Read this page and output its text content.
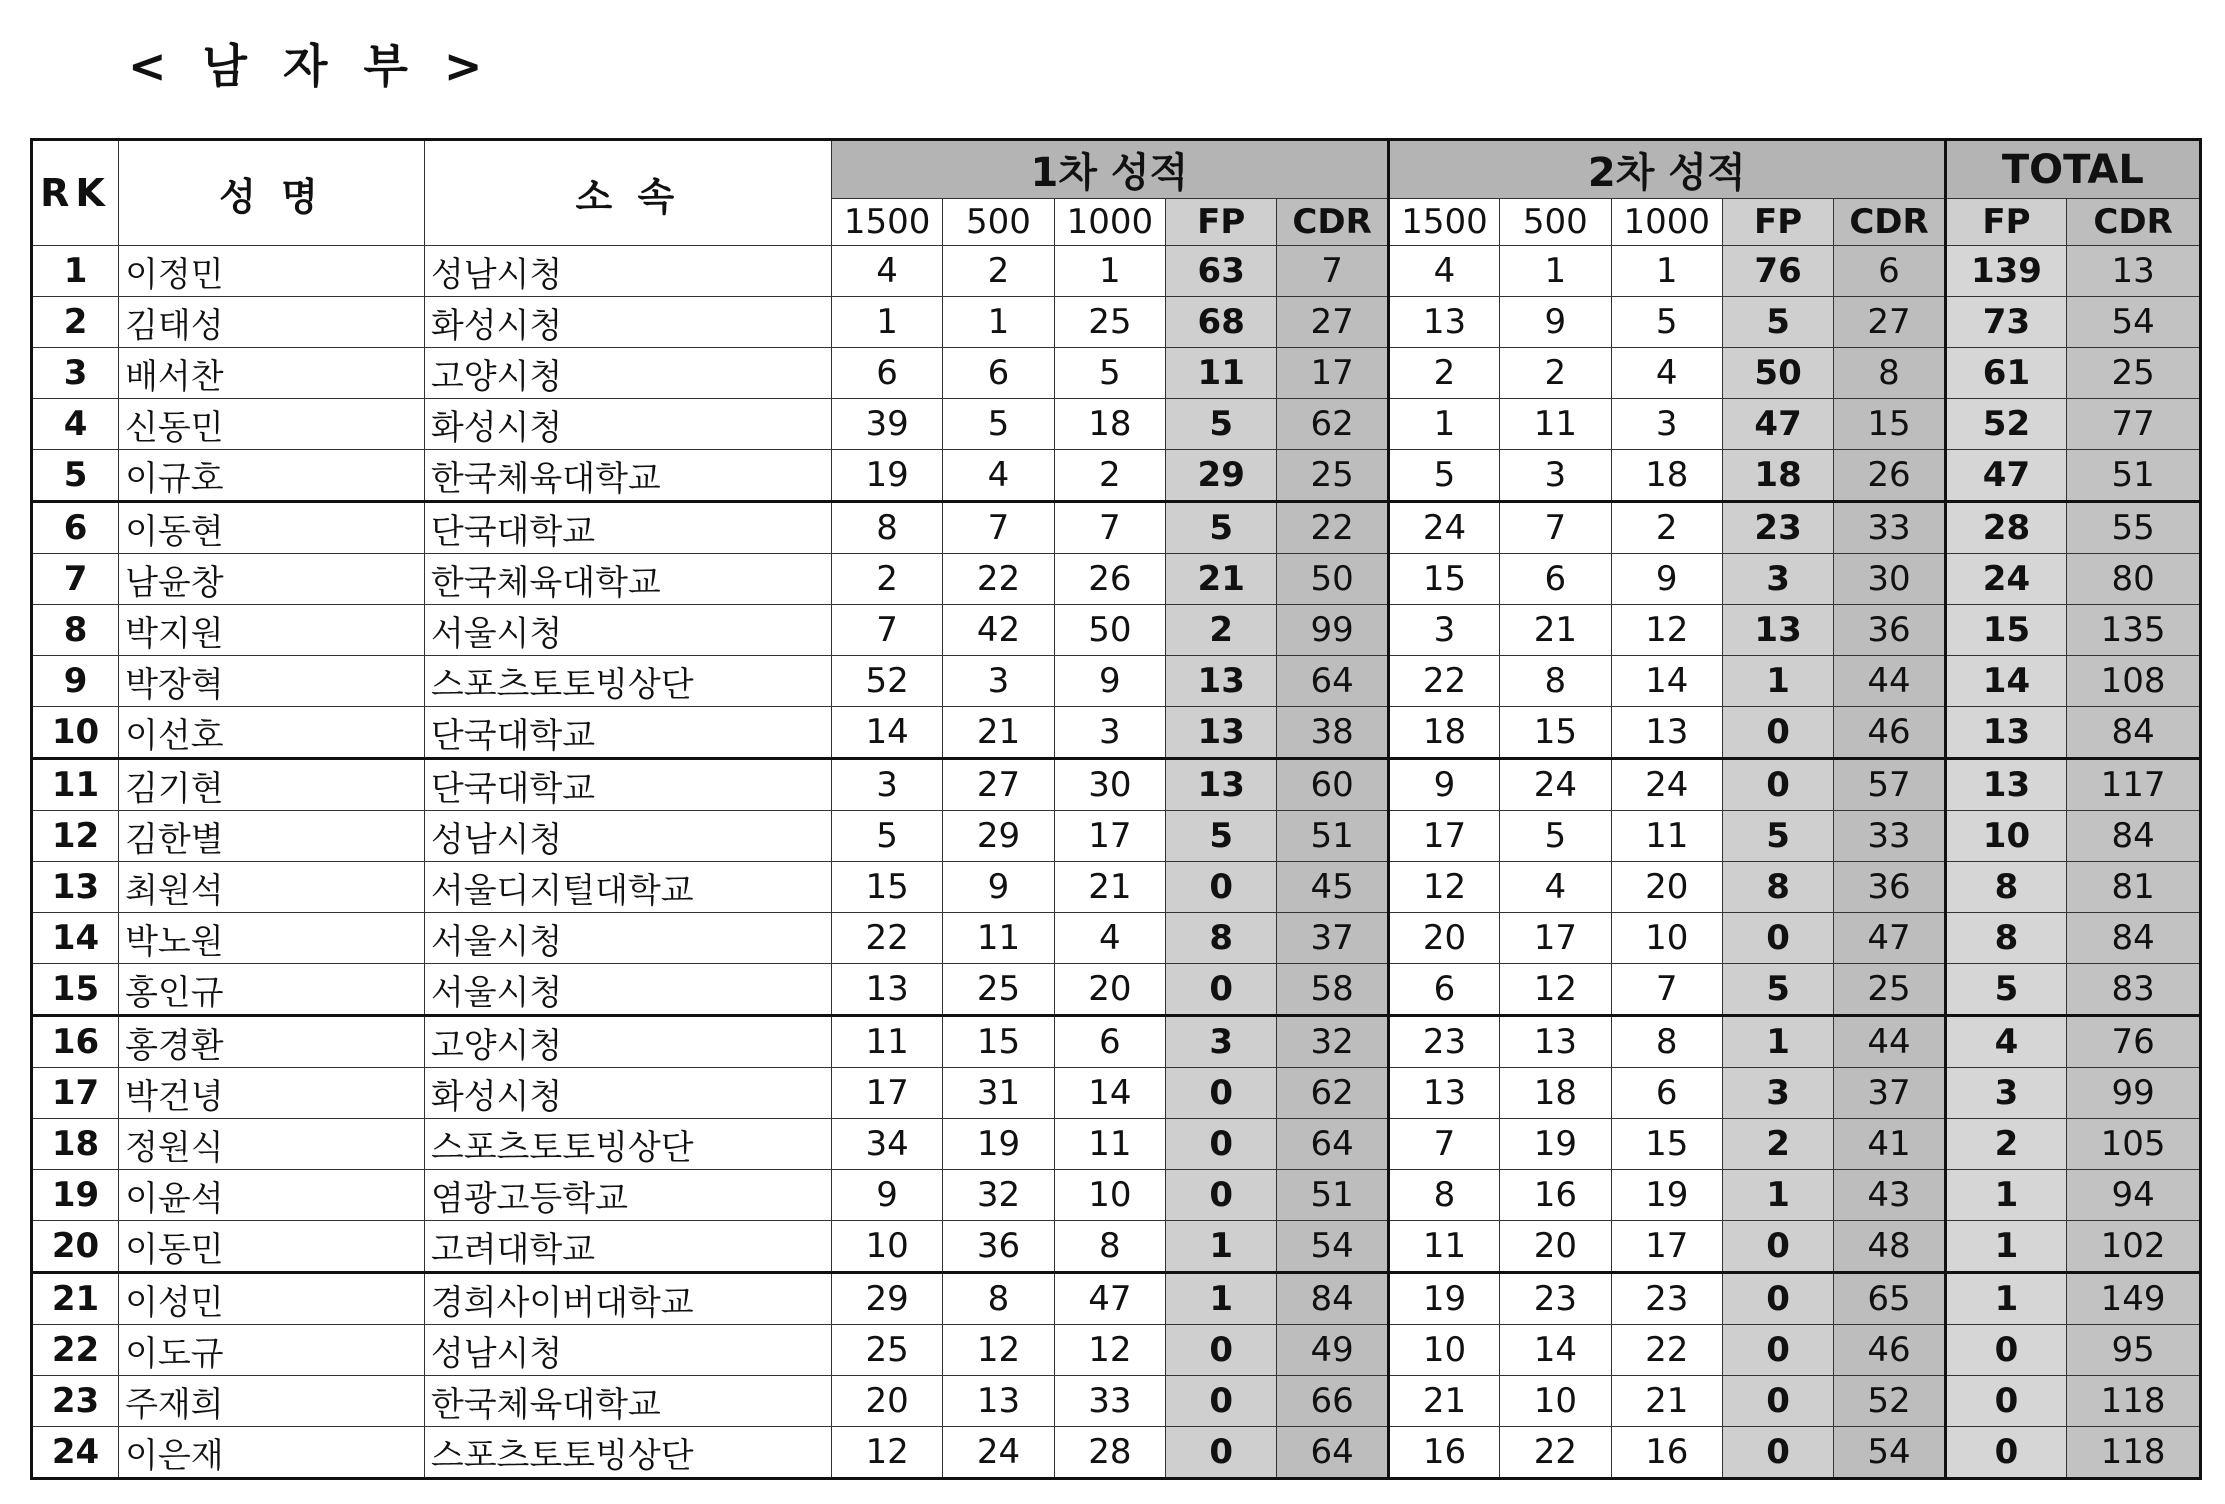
< 남 자 부 >
RK	성 명	소 속	1차 성적					2차 성적					TOTAL	
			1500	500	1000	FP	CDR	1500	500	1000	FP	CDR	FP	CDR
1	이정민	성남시청	4	2	1	63	7	4	1	1	76	6	139	13
2	김태성	화성시청	1	1	25	68	27	13	9	5	5	27	73	54
3	배서찬	고양시청	6	6	5	11	17	2	2	4	50	8	61	25
4	신동민	화성시청	39	5	18	5	62	1	11	3	47	15	52	77
5	이규호	한국체육대학교	19	4	2	29	25	5	3	18	18	26	47	51
6	이동현	단국대학교	8	7	7	5	22	24	7	2	23	33	28	55
7	남윤창	한국체육대학교	2	22	26	21	50	15	6	9	3	30	24	80
8	박지원	서울시청	7	42	50	2	99	3	21	12	13	36	15	135
9	박장혁	스포츠토토빙상단	52	3	9	13	64	22	8	14	1	44	14	108
10	이선호	단국대학교	14	21	3	13	38	18	15	13	0	46	13	84
11	김기현	단국대학교	3	27	30	13	60	9	24	24	0	57	13	117
12	김한별	성남시청	5	29	17	5	51	17	5	11	5	33	10	84
13	최원석	서울디지털대학교	15	9	21	0	45	12	4	20	8	36	8	81
14	박노원	서울시청	22	11	4	8	37	20	17	10	0	47	8	84
15	홍인규	서울시청	13	25	20	0	58	6	12	7	5	25	5	83
16	홍경환	고양시청	11	15	6	3	32	23	13	8	1	44	4	76
17	박건녕	화성시청	17	31	14	0	62	13	18	6	3	37	3	99
18	정원식	스포츠토토빙상단	34	19	11	0	64	7	19	15	2	41	2	105
19	이윤석	염광고등학교	9	32	10	0	51	8	16	19	1	43	1	94
20	이동민	고려대학교	10	36	8	1	54	11	20	17	0	48	1	102
21	이성민	경희사이버대학교	29	8	47	1	84	19	23	23	0	65	1	149
22	이도규	성남시청	25	12	12	0	49	10	14	22	0	46	0	95
23	주재희	한국체육대학교	20	13	33	0	66	21	10	21	0	52	0	118
24	이은재	스포츠토토빙상단	12	24	28	0	64	16	22	16	0	54	0	118
